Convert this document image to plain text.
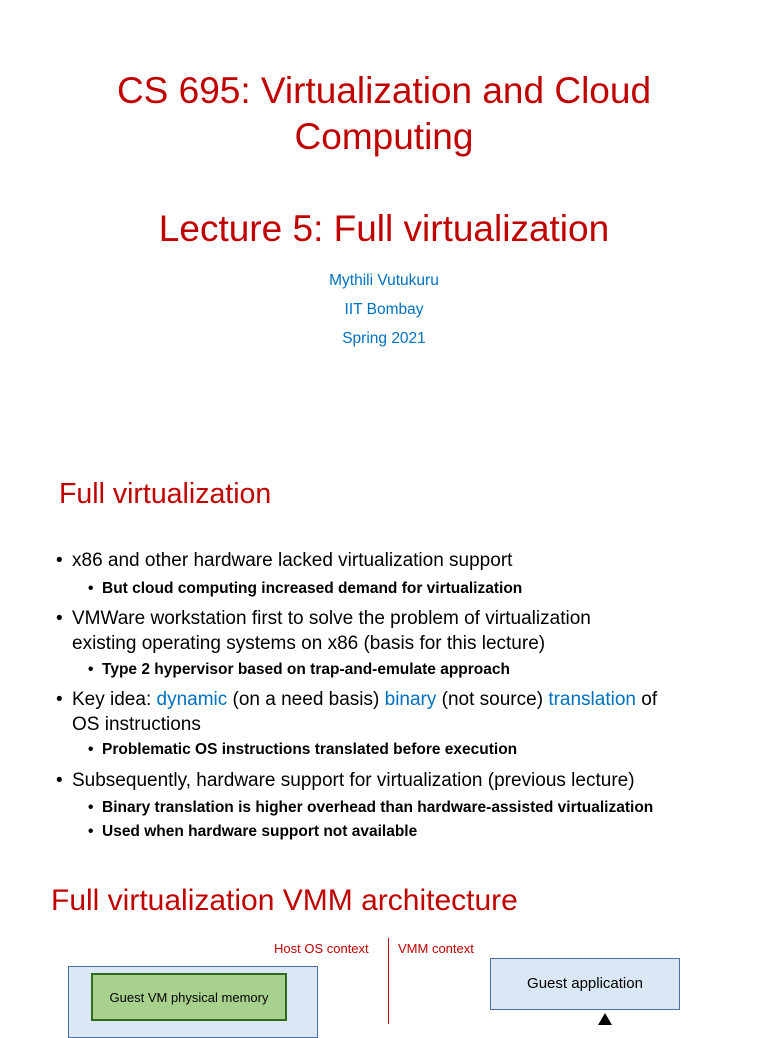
CS 695: Virtualization and Cloud
Computing
Lecture 5: Full virtualization
Mythili Vutukuru
IIT Bombay
Spring 2021
Full virtualization
• x86 and other hardware lacked virtualization support
• But cloud computing increased demand for virtualization
• VMWare workstation first to solve the problem of virtualization
existing operating systems on x86 (basis for this lecture)
• Type 2 hypervisor based on trap-and-emulate approach
• Key idea: dynamic (on a need basis) binary (not source) translation of
OS instructions
• Problematic OS instructions translated before execution
• Subsequently, hardware support for virtualization (previous lecture)
• Binary translation is higher overhead than hardware-assisted virtualization
• Used when hardware support not available
Full virtualization VMM architecture
Host OS context VMM context
Guest VM physical memory
Guest application
